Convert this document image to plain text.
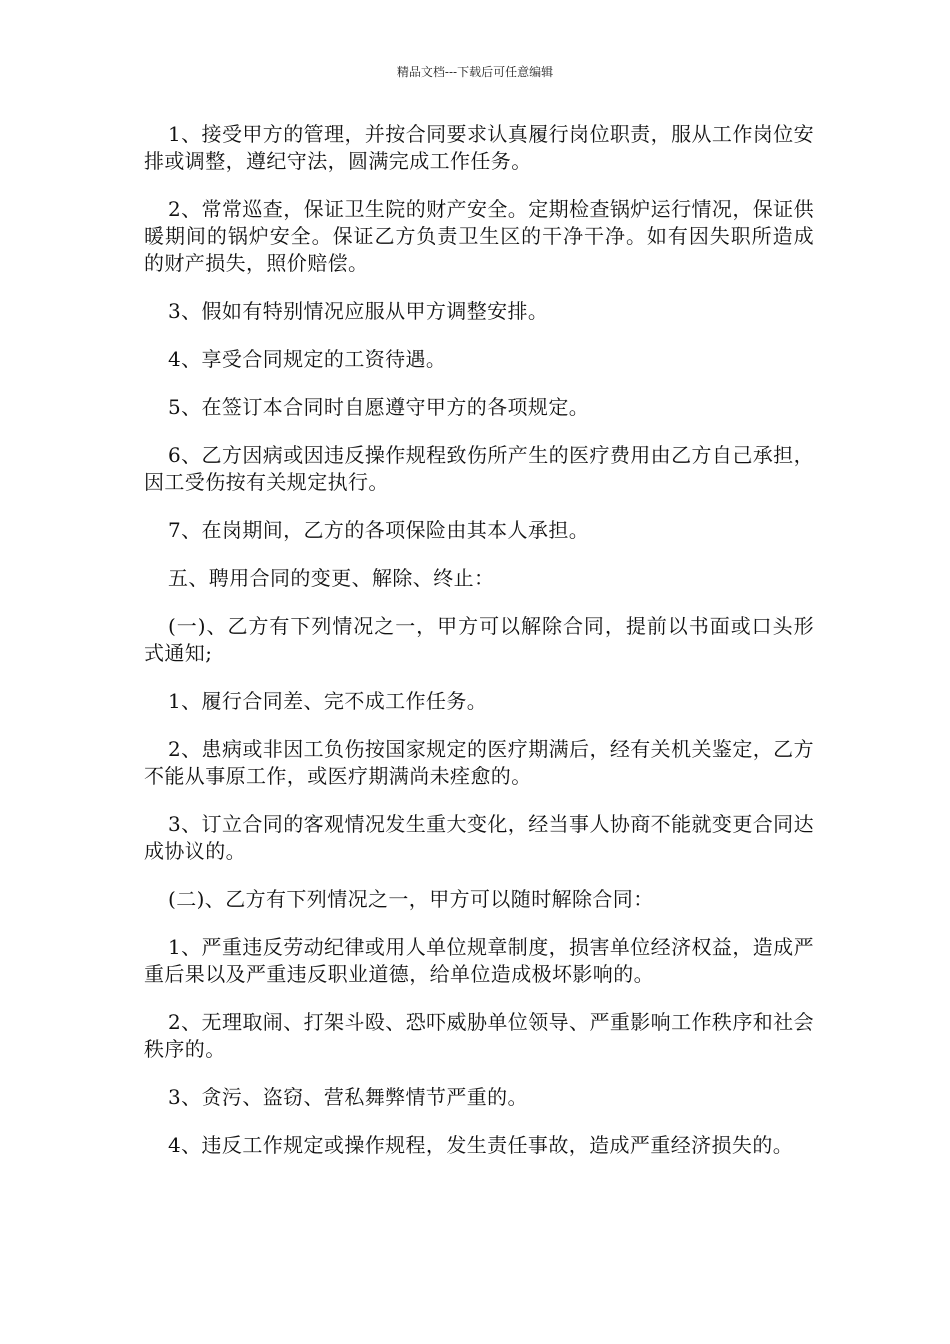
精品文档---下载后可任意编辑

1、接受甲方的管理，并按合同要求认真履行岗位职责，服从工作岗位安排或调整，遵纪守法，圆满完成工作任务。

2、常常巡查，保证卫生院的财产安全。定期检查锅炉运行情况，保证供暖期间的锅炉安全。保证乙方负责卫生区的干净干净。如有因失职所造成的财产损失，照价赔偿。

3、假如有特别情况应服从甲方调整安排。

4、享受合同规定的工资待遇。

5、在签订本合同时自愿遵守甲方的各项规定。

6、乙方因病或因违反操作规程致伤所产生的医疗费用由乙方自己承担，因工受伤按有关规定执行。

7、在岗期间，乙方的各项保险由其本人承担。

五、聘用合同的变更、解除、终止：

(一)、乙方有下列情况之一，甲方可以解除合同，提前以书面或口头形式通知;

1、履行合同差、完不成工作任务。

2、患病或非因工负伤按国家规定的医疗期满后，经有关机关鉴定，乙方不能从事原工作，或医疗期满尚未痊愈的。

3、订立合同的客观情况发生重大变化，经当事人协商不能就变更合同达成协议的。

(二)、乙方有下列情况之一，甲方可以随时解除合同：

1、严重违反劳动纪律或用人单位规章制度，损害单位经济权益，造成严重后果以及严重违反职业道德，给单位造成极坏影响的。

2、无理取闹、打架斗殴、恐吓威胁单位领导、严重影响工作秩序和社会秩序的。

3、贪污、盗窃、营私舞弊情节严重的。

4、违反工作规定或操作规程，发生责任事故，造成严重经济损失的。
